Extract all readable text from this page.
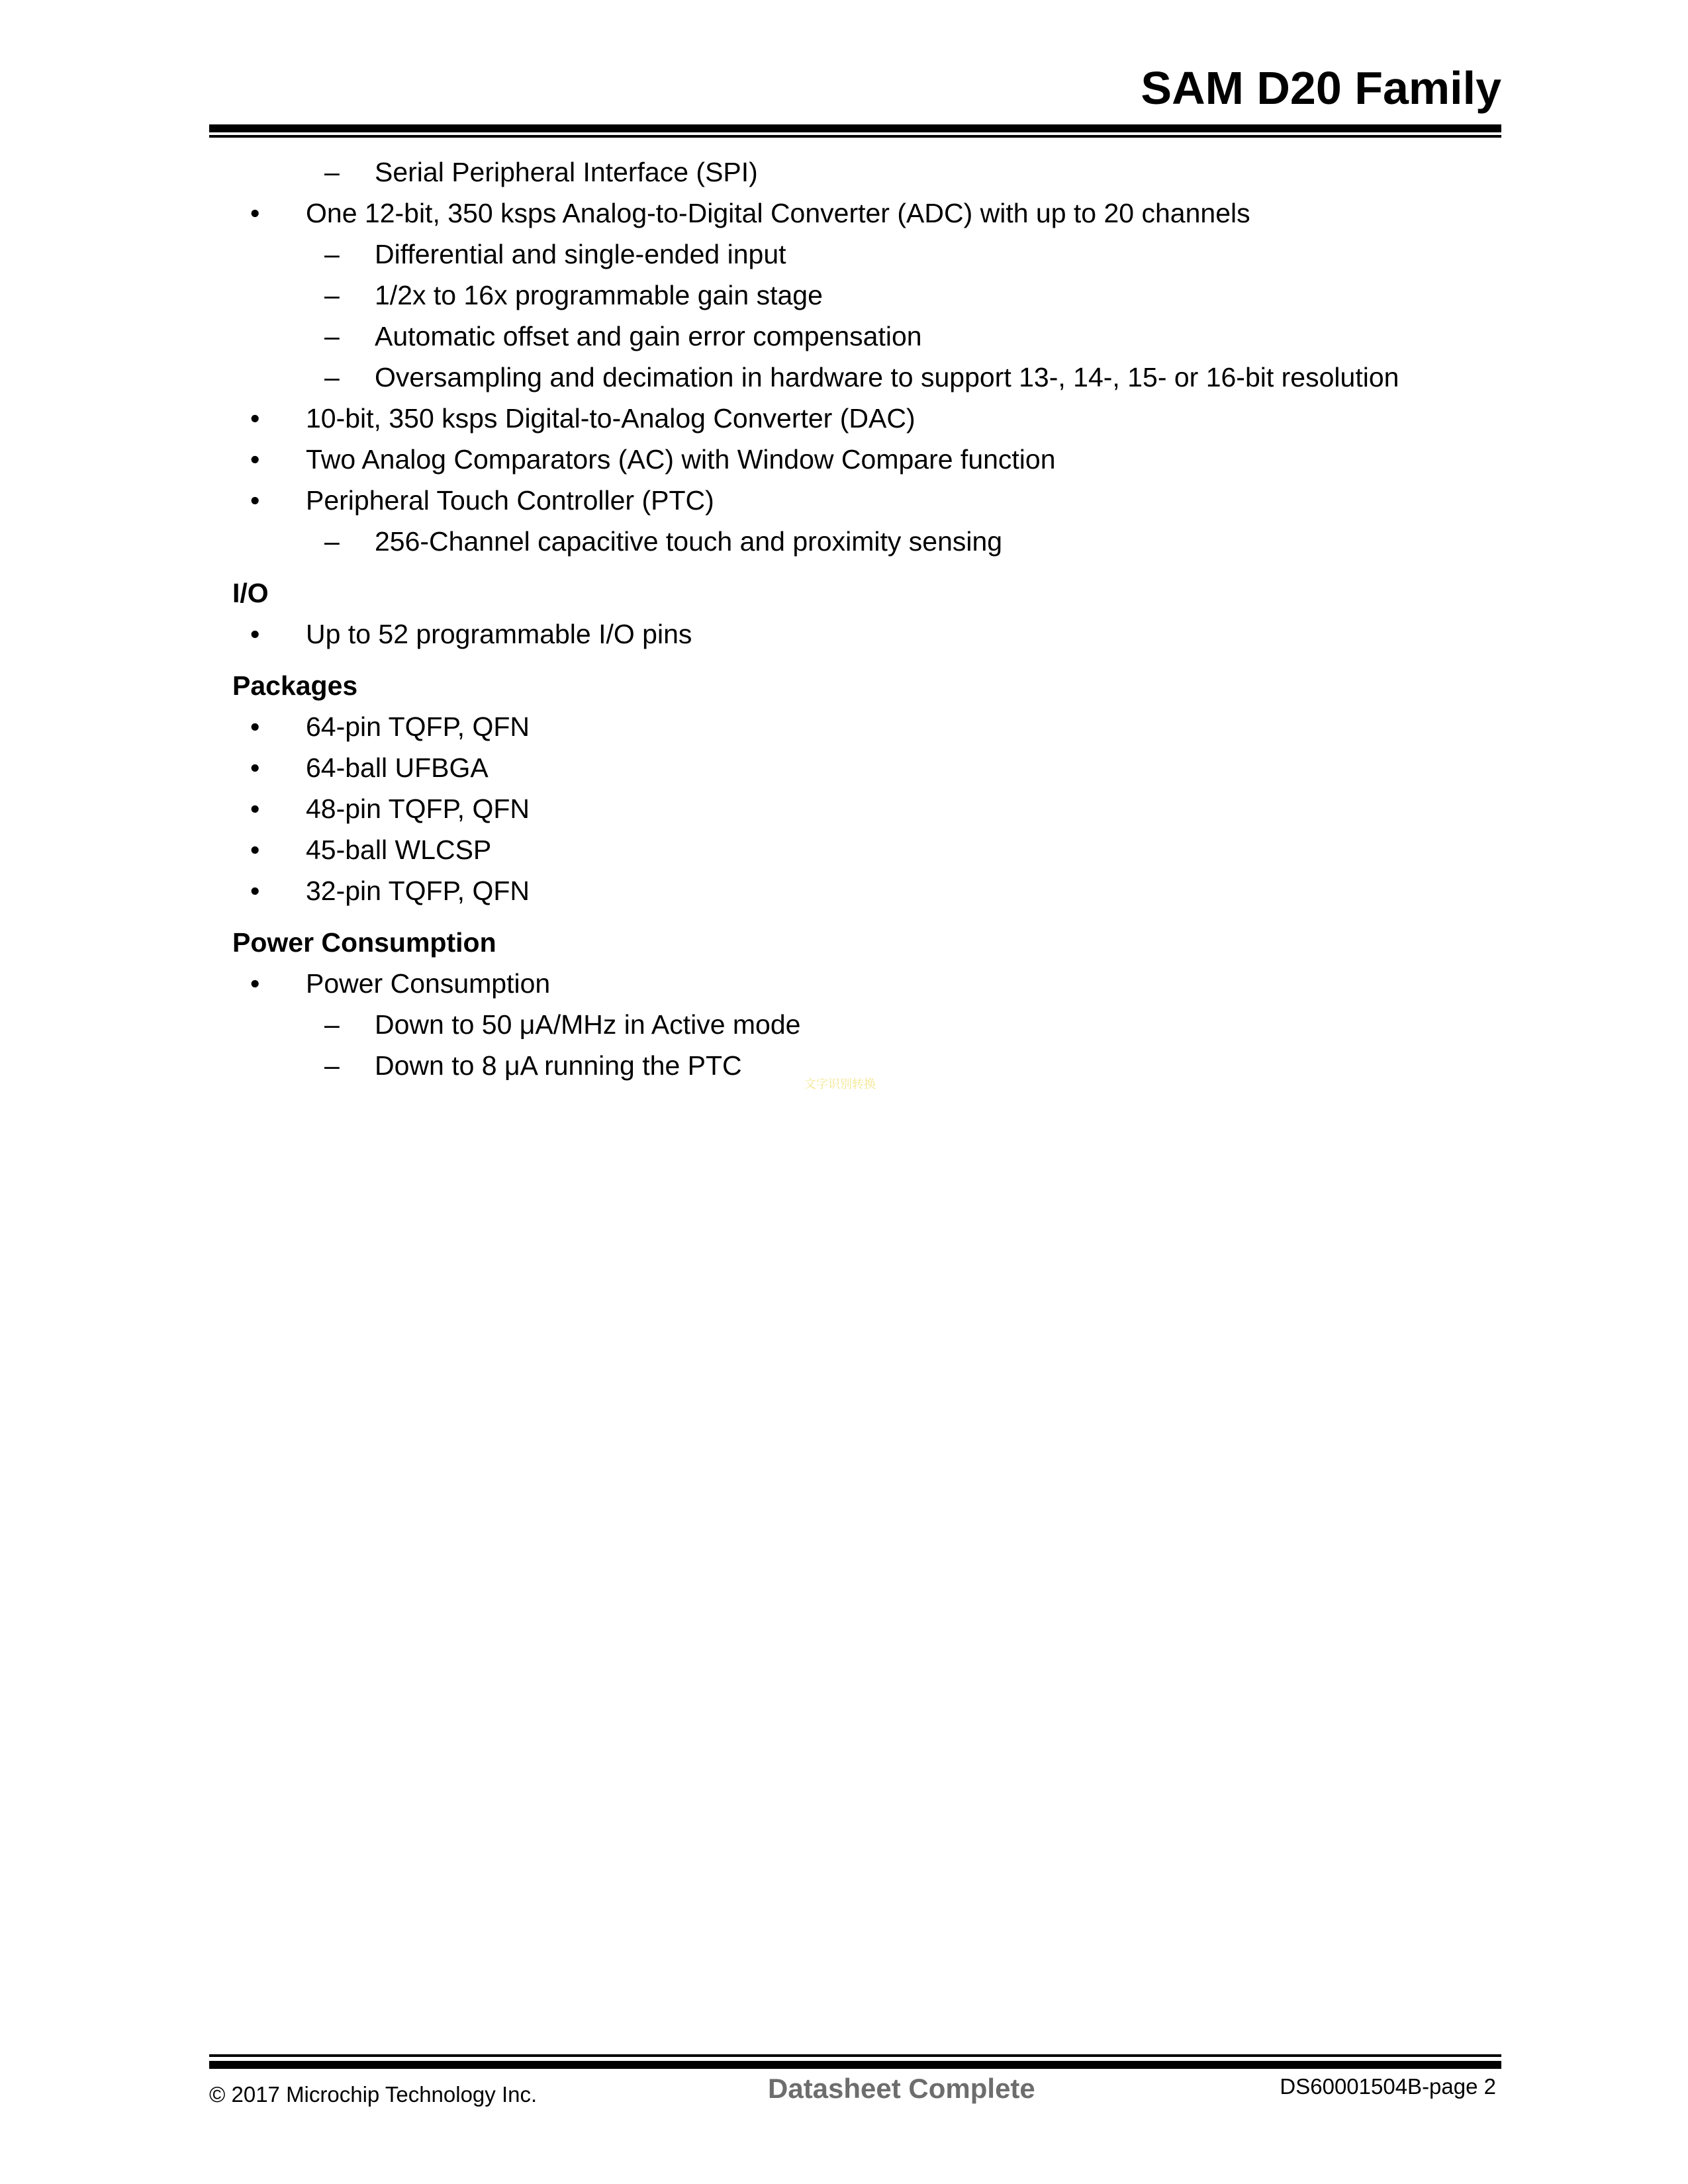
SAM D20 Family
– Serial Peripheral Interface (SPI)
• One 12-bit, 350 ksps Analog-to-Digital Converter (ADC) with up to 20 channels
– Differential and single-ended input
– 1/2x to 16x programmable gain stage
– Automatic offset and gain error compensation
– Oversampling and decimation in hardware to support 13-, 14-, 15- or 16-bit resolution
• 10-bit, 350 ksps Digital-to-Analog Converter (DAC)
• Two Analog Comparators (AC) with Window Compare function
• Peripheral Touch Controller (PTC)
– 256-Channel capacitive touch and proximity sensing
I/O
• Up to 52 programmable I/O pins
Packages
• 64-pin TQFP, QFN
• 64-ball UFBGA
• 48-pin TQFP, QFN
• 45-ball WLCSP
• 32-pin TQFP, QFN
Power Consumption
• Power Consumption
– Down to 50 μA/MHz in Active mode
– Down to 8 μA running the PTC
文字识别转换
© 2017 Microchip Technology Inc.	Datasheet Complete	DS60001504B-page 2
